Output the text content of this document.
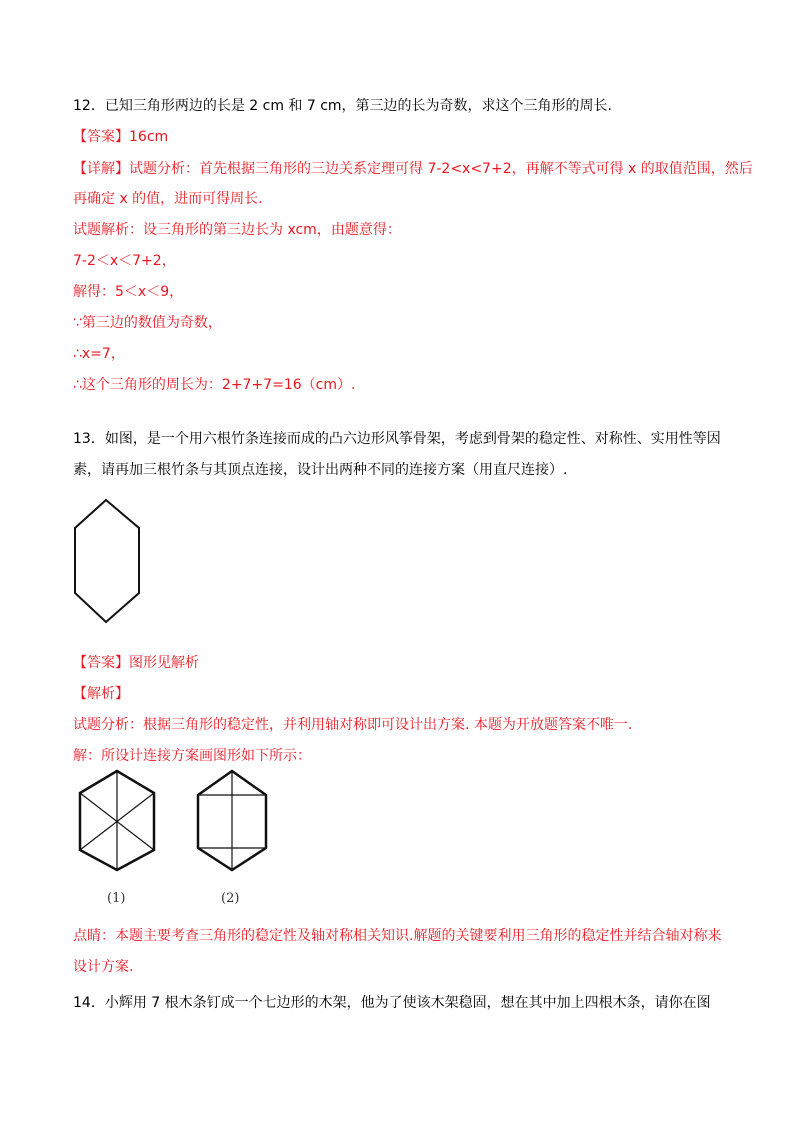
12．已知三角形两边的长是 2 cm 和 7 cm，第三边的长为奇数，求这个三角形的周长.
【答案】16cm
【详解】试题分析：首先根据三角形的三边关系定理可得 7-2<x<7+2，再解不等式可得 x 的取值范围，然后
再确定 x 的值，进而可得周长.
试题解析：设三角形的第三边长为 xcm，由题意得：
7-2＜x＜7+2，
解得：5＜x＜9，
∵第三边的数值为奇数，
∴x=7，
∴这个三角形的周长为：2+7+7=16（cm）.
13．如图，是一个用六根竹条连接而成的凸六边形风筝骨架，考虑到骨架的稳定性、对称性、实用性等因
素，请再加三根竹条与其顶点连接，设计出两种不同的连接方案（用直尺连接）.
【答案】图形见解析
【解析】
试题分析：根据三角形的稳定性，并利用轴对称即可设计出方案. 本题为开放题答案不唯一.
解：所设计连接方案画图形如下所示：
(1)	(2)
点睛：本题主要考查三角形的稳定性及轴对称相关知识.解题的关键要利用三角形的稳定性并结合轴对称来
设计方案.
14．小辉用 7 根木条钉成一个七边形的木架，他为了使该木架稳固，想在其中加上四根木条，请你在图
